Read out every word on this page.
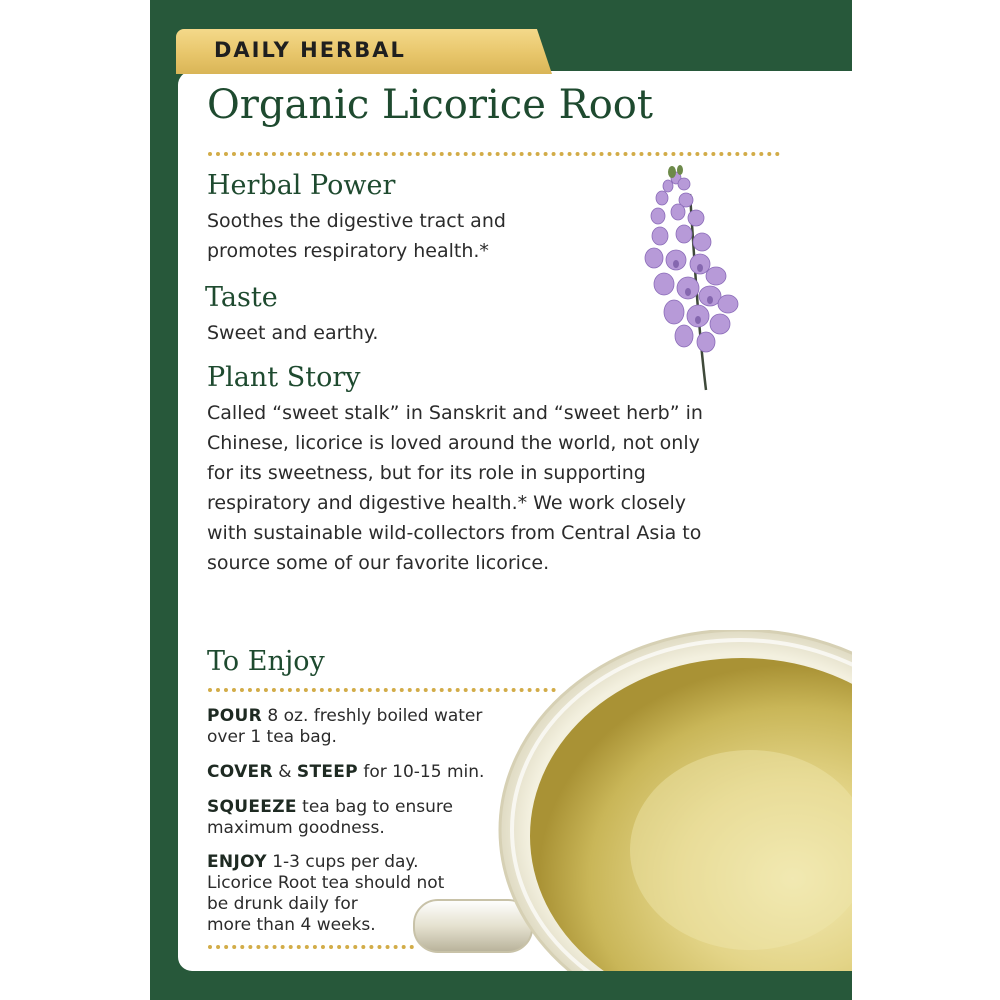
DAILY HERBAL
Organic Licorice Root
Herbal Power
Soothes the digestive tract and
promotes respiratory health.*
Taste
Sweet and earthy.
Plant Story
Called “sweet stalk” in Sanskrit and “sweet herb” in
Chinese, licorice is loved around the world, not only
for its sweetness, but for its role in supporting
respiratory and digestive health.* We work closely
with sustainable wild-collectors from Central Asia to
source some of our favorite licorice.
To Enjoy
POUR 8 oz. freshly boiled water
over 1 tea bag.
COVER & STEEP for 10-15 min.
SQUEEZE tea bag to ensure
maximum goodness.
ENJOY 1-3 cups per day.
Licorice Root tea should not
be drunk daily for
more than 4 weeks.
